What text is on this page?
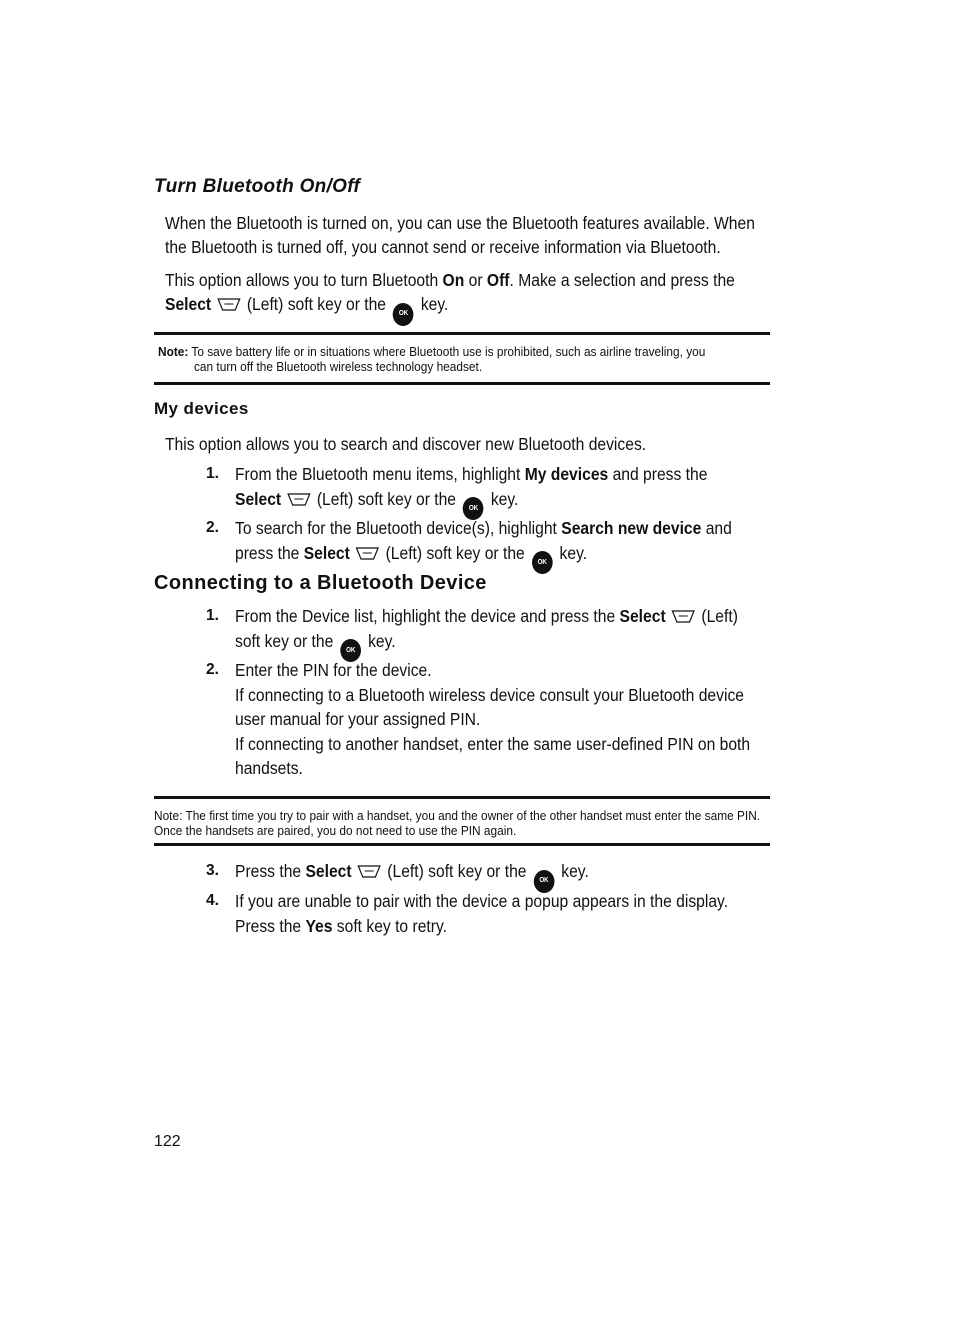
Turn Bluetooth On/Off

When the Bluetooth is turned on, you can use the Bluetooth features available. When the Bluetooth is turned off, you cannot send or receive information via Bluetooth.

This option allows you to turn Bluetooth On or Off. Make a selection and press the
Select  (Left) soft key or the OK key.

Note: To save battery life or in situations where Bluetooth use is prohibited, such as airline traveling, you
can turn off the Bluetooth wireless technology headset.
My devices

This option allows you to search and discover new Bluetooth devices.

1. From the Bluetooth menu items, highlight My devices and press the
Select  (Left) soft key or the OK key.
2. To search for the Bluetooth device(s), highlight Search new device and
press the Select  (Left) soft key or the OK key.
Connecting to a Bluetooth Device
1. From the Device list, highlight the device and press the Select  (Left)
soft key or the OK key.
2. Enter the PIN for the device.
If connecting to a Bluetooth wireless device consult your Bluetooth device user manual for your assigned PIN.
If connecting to another handset, enter the same user-defined PIN on both handsets.
Note: The first time you try to pair with a handset, you and the owner of the other handset must enter the same PIN. Once the handsets are paired, you do not need to use the PIN again.
3. Press the Select  (Left) soft key or the OK key.
4. If you are unable to pair with the device a popup appears in the display.
Press the Yes soft key to retry.
122
